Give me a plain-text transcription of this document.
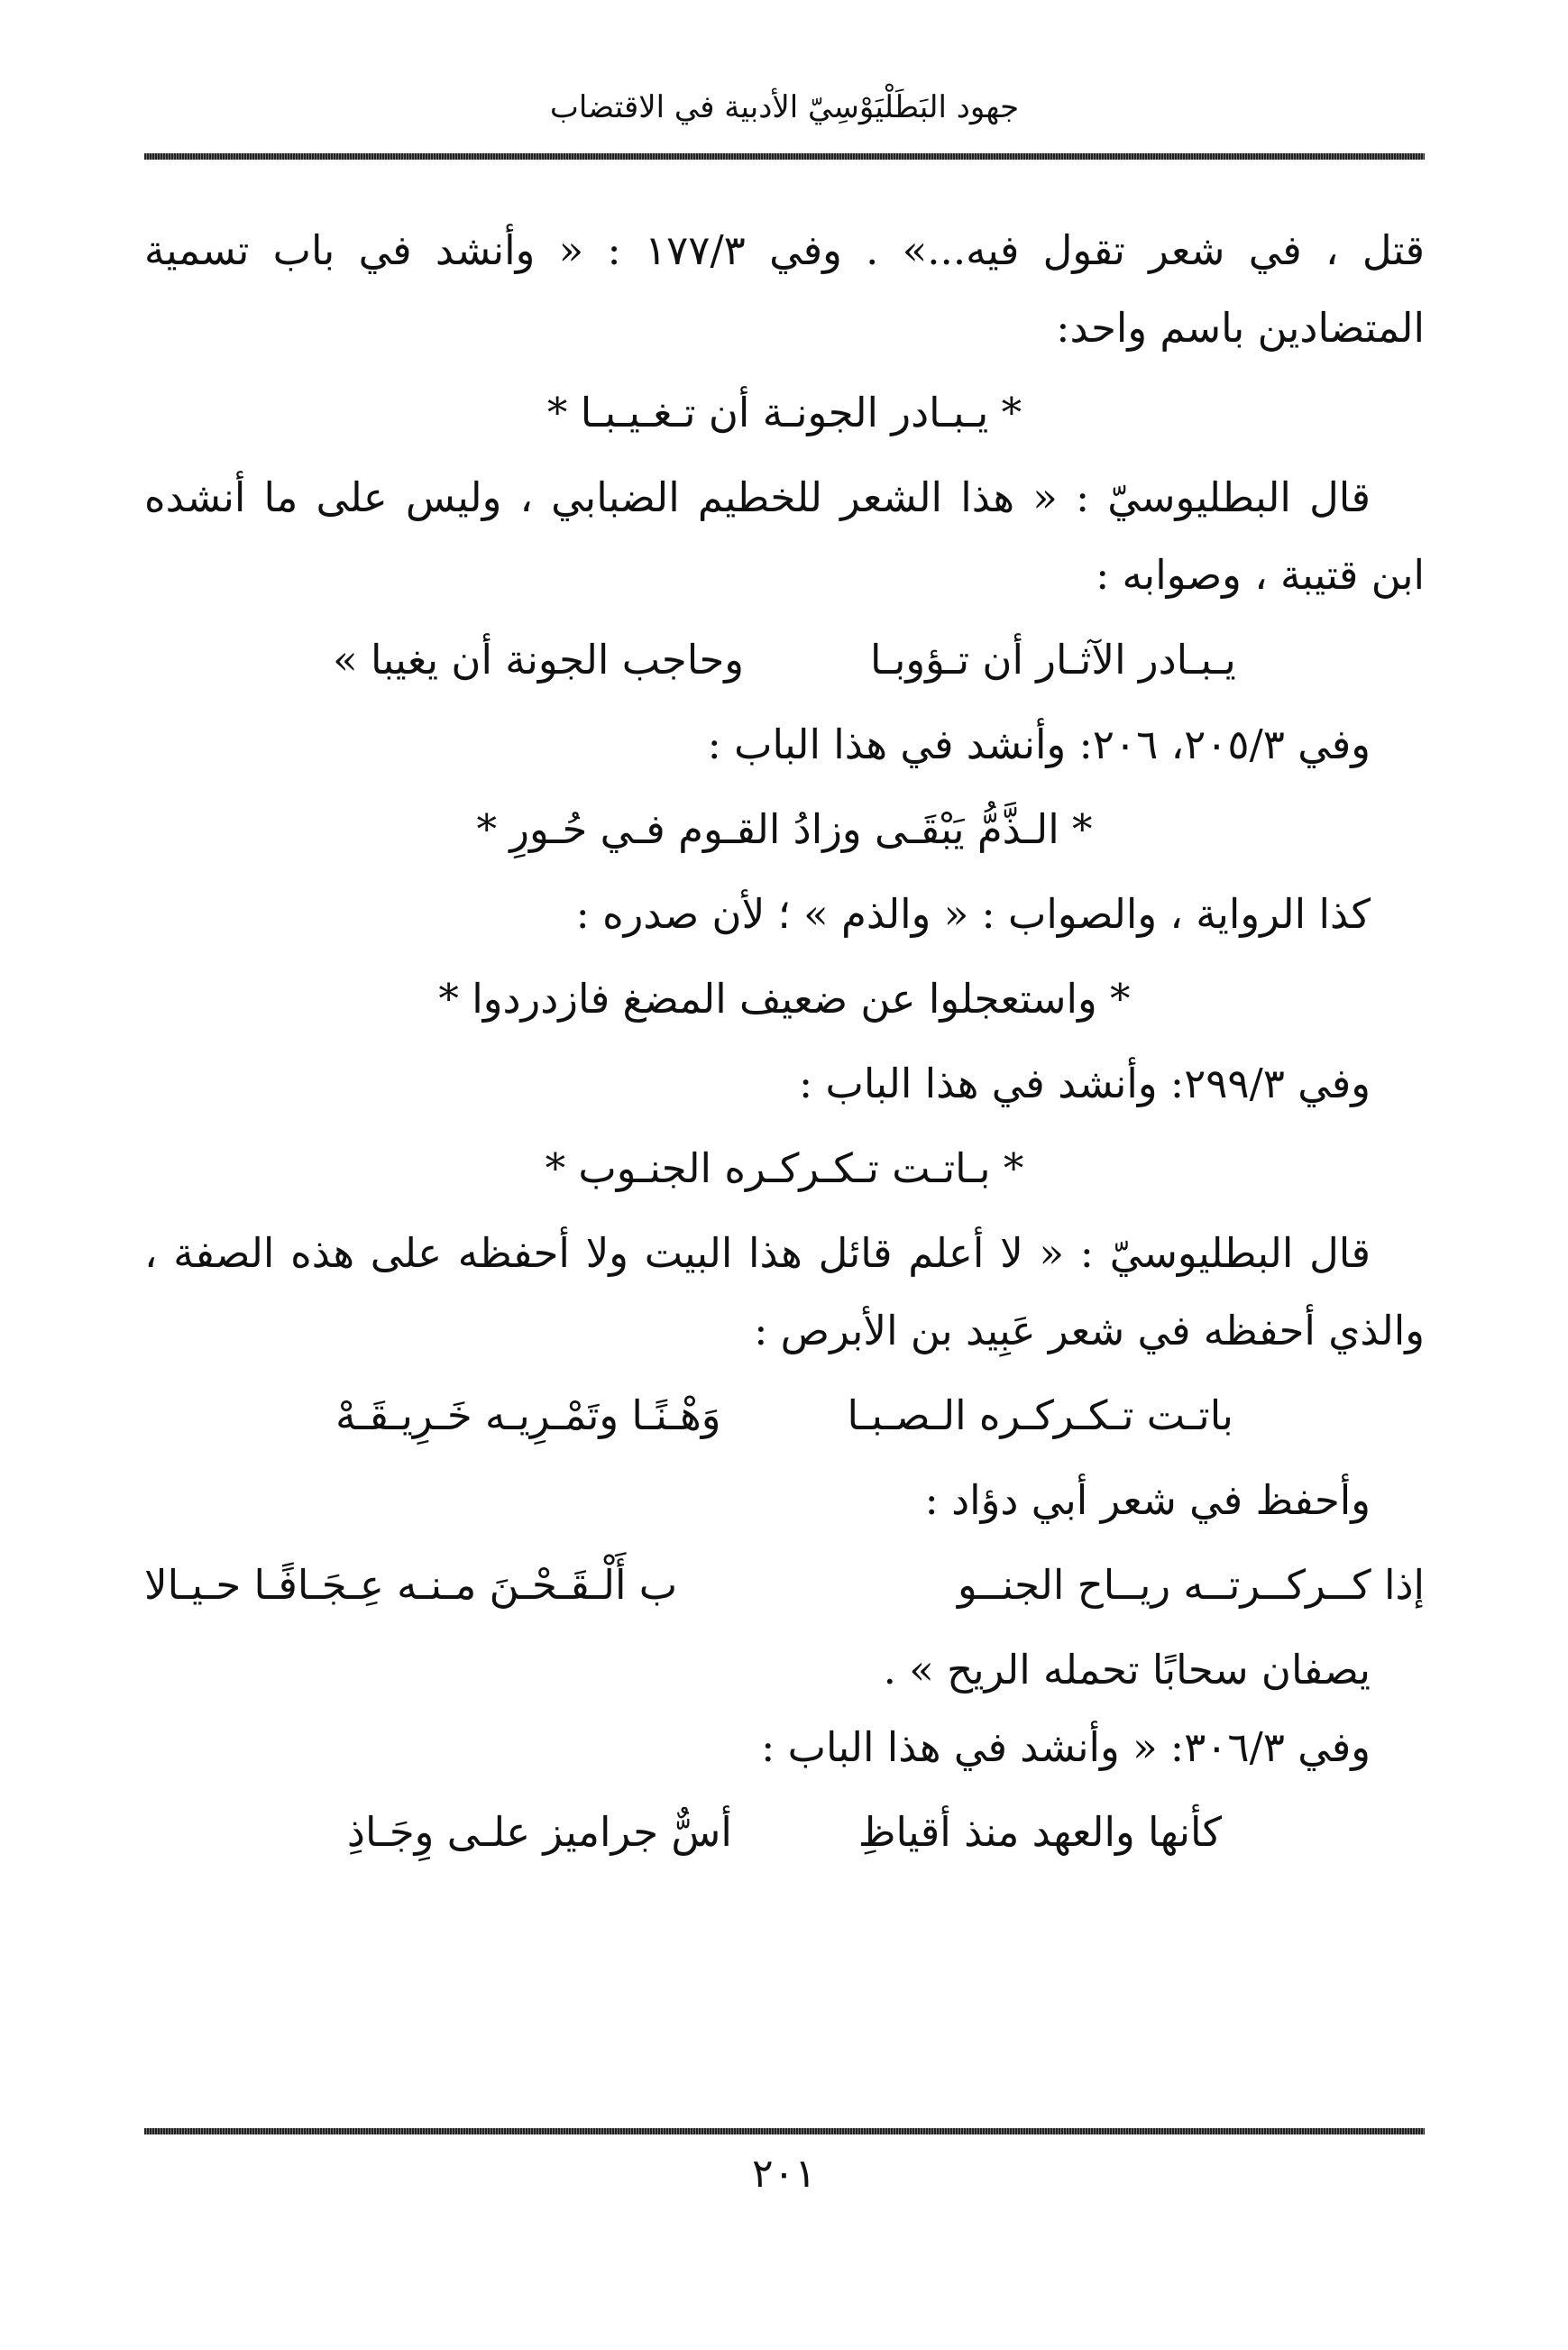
جهود البَطَلْيَوْسِيّ الأدبية في الاقتضاب

قتل ، في شعر تقول فيه...» . وفي ١٧٧/٣ : « وأنشد في باب تسمية المتضادين باسم واحد:

* يـبـادر الجونـة أن تـغـيـبـا *

قال البطليوسيّ : « هذا الشعر للخطيم الضبابي ، وليس على ما أنشده ابن قتيبة ، وصوابه :

يـبـادر الآثـار أن تـؤوبـا
وحاجب الجونة أن يغيبا »

وفي ٢٠٥/٣، ٢٠٦: وأنشد في هذا الباب :

* الـذَّمُّ يَبْقَـى وزادُ القـوم فـي حُـورِ *

كذا الرواية ، والصواب : « والذم » ؛ لأن صدره :

* واستعجلوا عن ضعيف المضغ فازدردوا *

وفي ٢٩٩/٣: وأنشد في هذا الباب :

* بـاتـت تـكـركـره الجنـوب *

قال البطليوسيّ : « لا أعلم قائل هذا البيت ولا أحفظه على هذه الصفة ، والذي أحفظه في شعر عَبِيد بن الأبرص :

باتـت تـكـركـره الـصـبـا
وَهْـنًـا وتَمْـرِيـه خَـرِيـقَـهْ

وأحفظ في شعر أبي دؤاد :

إذا كــركــرتــه ريــاح الجنــو
ب أَلْـقَـحْـنَ مـنـه عِـجَـافًـا حـيـالا

يصفان سحابًا تحمله الريح » .

وفي ٣٠٦/٣: « وأنشد في هذا الباب :

كأنها والعهد منذ أقياظِ
أسٌّ جراميز علـى وِجَـاذِ
٢٠١
